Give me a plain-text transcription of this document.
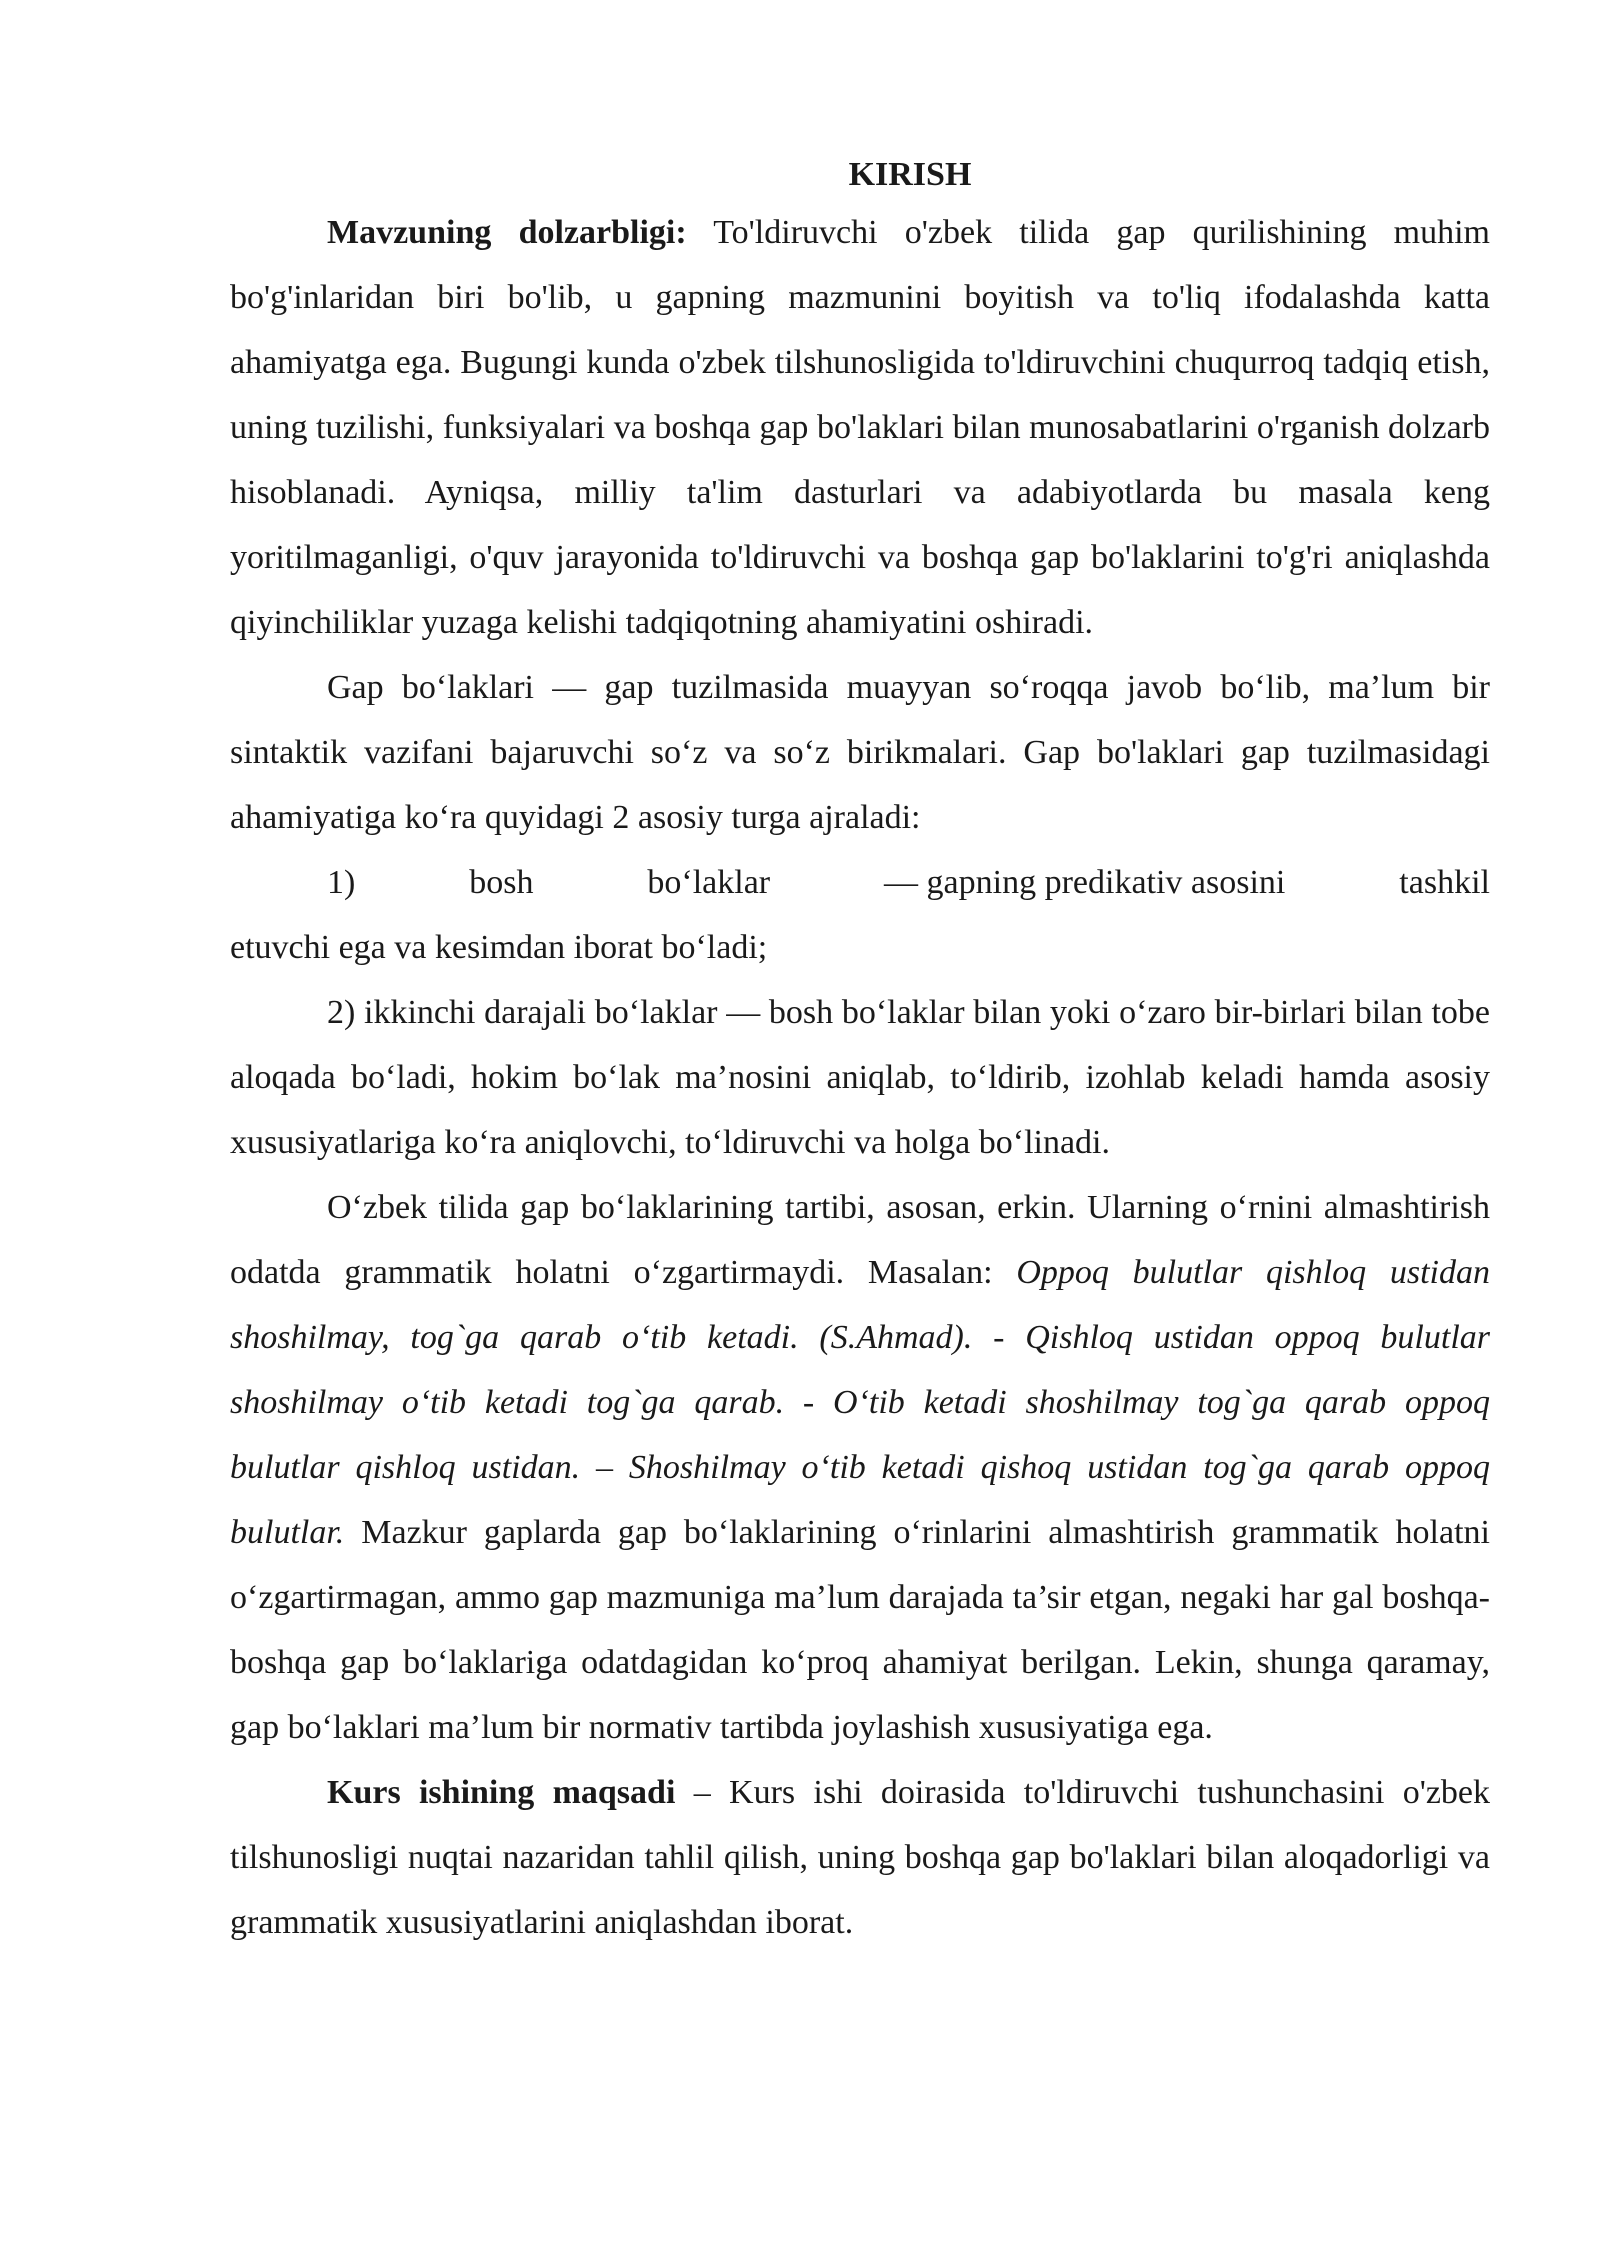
KIRISH

Mavzuning dolzarbligi: To'ldiruvchi o'zbek tilida gap qurilishining muhim bo'g'inlaridan biri bo'lib, u gapning mazmunini boyitish va to'liq ifodalashda katta ahamiyatga ega. Bugungi kunda o'zbek tilshunosligida to'ldiruvchini chuqurroq tadqiq etish, uning tuzilishi, funksiyalari va boshqa gap bo'laklari bilan munosabatlarini o'rganish dolzarb hisoblanadi. Ayniqsa, milliy ta'lim dasturlari va adabiyotlarda bu masala keng yoritilmaganligi, o'quv jarayonida to'ldiruvchi va boshqa gap bo'laklarini to'g'ri aniqlashda qiyinchiliklar yuzaga kelishi tadqiqotning ahamiyatini oshiradi.

Gap bo‘laklari — gap tuzilmasida muayyan so‘roqqa javob bo‘lib, ma’lum bir sintaktik vazifani bajaruvchi so‘z va so‘z birikmalari. Gap bo'laklari gap tuzilmasidagi ahamiyatiga ko‘ra quyidagi 2 asosiy turga ajraladi:

1)	bosh	bo‘laklar	— gapning predikativ asosini	tashkil
etuvchi ega va kesimdan iborat bo‘ladi;

2) ikkinchi darajali bo‘laklar — bosh bo‘laklar bilan yoki o‘zaro bir-birlari bilan tobe aloqada bo‘ladi, hokim bo‘lak ma’nosini aniqlab, to‘ldirib, izohlab keladi hamda asosiy xususiyatlariga ko‘ra aniqlovchi, to‘ldiruvchi va holga bo‘linadi.

O‘zbek tilida gap bo‘laklarining tartibi, asosan, erkin. Ularning o‘rnini almashtirish odatda grammatik holatni o‘zgartirmaydi. Masalan: Oppoq bulutlar qishloq ustidan shoshilmay, tog`ga qarab o‘tib ketadi. (S.Ahmad). - Qishloq ustidan oppoq bulutlar shoshilmay o‘tib ketadi tog`ga qarab. - O‘tib ketadi shoshilmay tog`ga qarab oppoq bulutlar qishloq ustidan. – Shoshilmay o‘tib ketadi qishoq ustidan tog`ga qarab oppoq bulutlar. Mazkur gaplarda gap bo‘laklarining o‘rinlarini almashtirish grammatik holatni o‘zgartirmagan, ammo gap mazmuniga ma’lum darajada ta’sir etgan, negaki har gal boshqa-boshqa gap bo‘laklariga odatdagidan ko‘proq ahamiyat berilgan. Lekin, shunga qaramay, gap bo‘laklari ma’lum bir normativ tartibda joylashish xususiyatiga ega.

Kurs ishining maqsadi – Kurs ishi doirasida to'ldiruvchi tushunchasini o'zbek tilshunosligi nuqtai nazaridan tahlil qilish, uning boshqa gap bo'laklari bilan aloqadorligi va grammatik xususiyatlarini aniqlashdan iborat.
